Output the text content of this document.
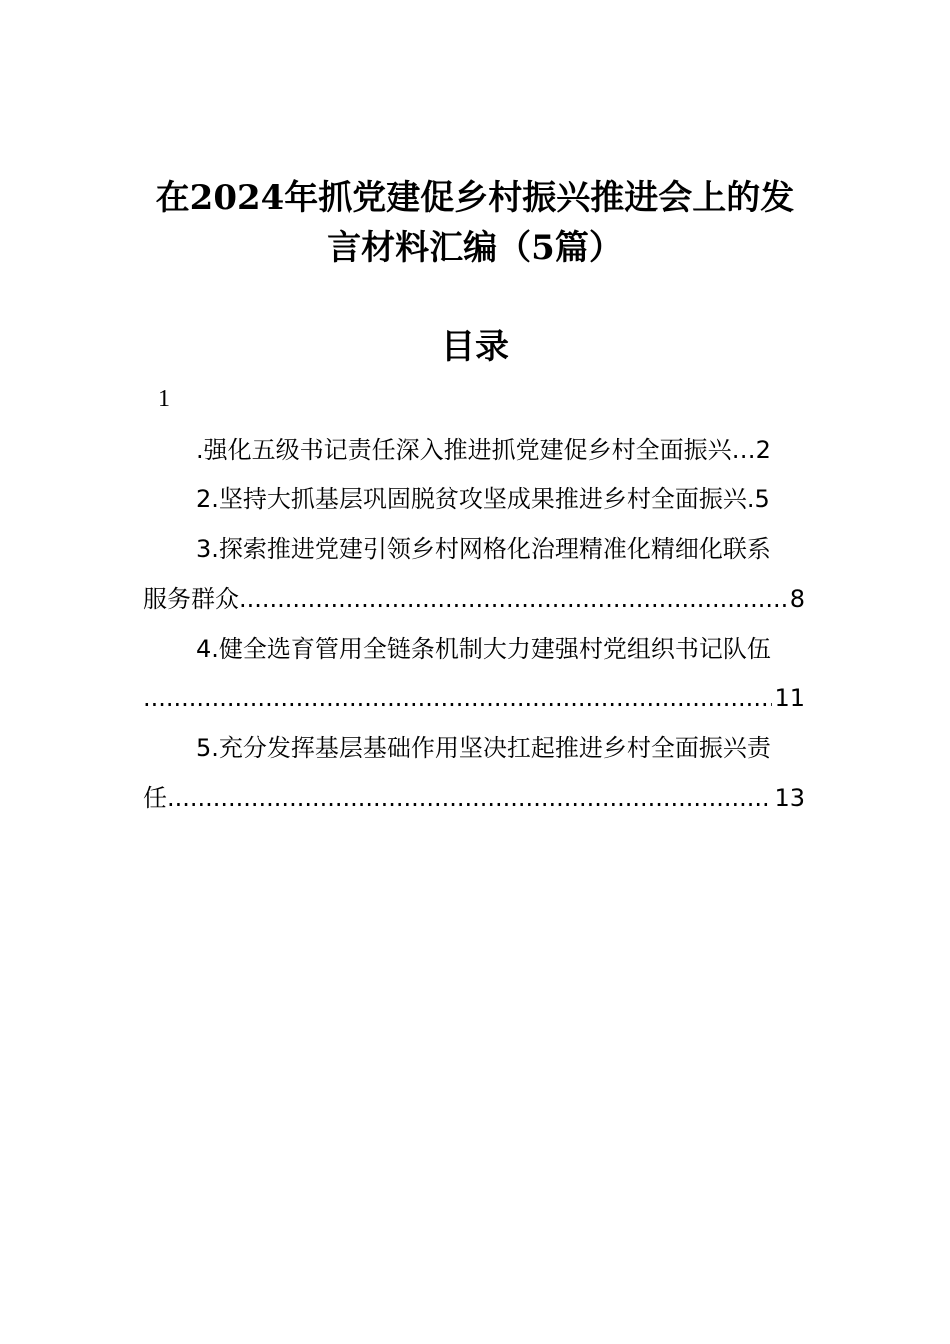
在2024年抓党建促乡村振兴推进会上的发
言材料汇编（5篇）
目录
1
.强化五级书记责任深入推进抓党建促乡村全面振兴…2
2.坚持大抓基层巩固脱贫攻坚成果推进乡村全面振兴.5
3.探索推进党建引领乡村网格化治理精准化精细化联系
服务群众 .....	8
4.健全选育管用全链条机制大力建强村党组织书记队伍
.....
11
5.充分发挥基层基础作用坚决扛起推进乡村全面振兴责
任 .....	13
